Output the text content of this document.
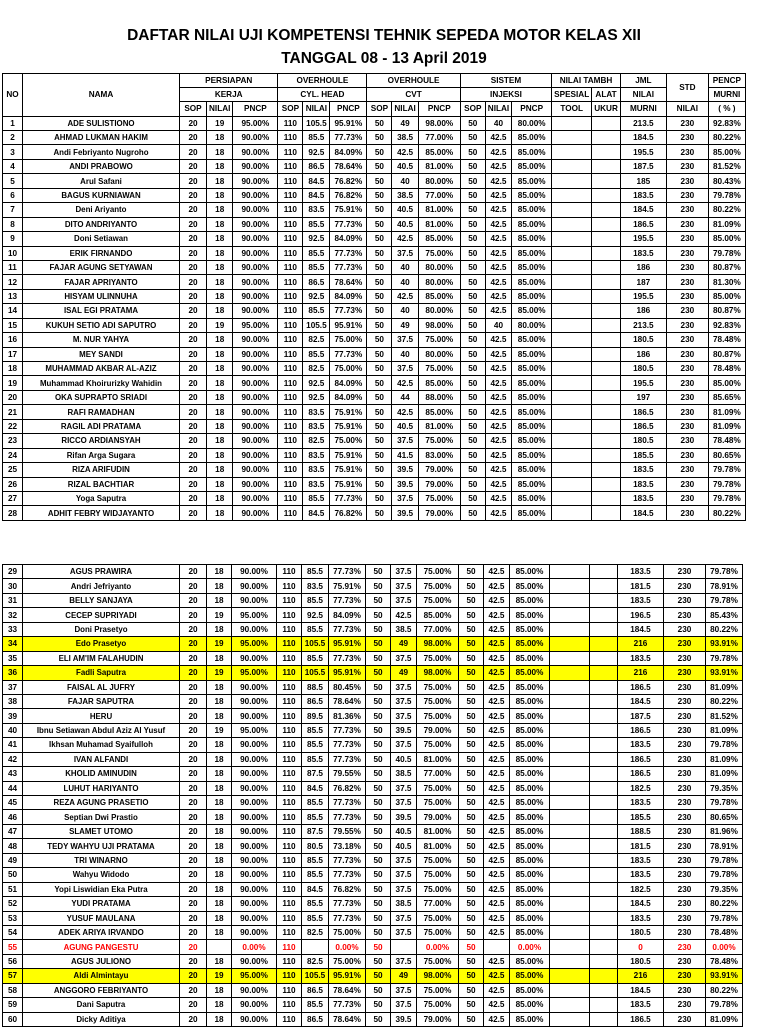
DAFTAR NILAI UJI KOMPETENSI TEHNIK SEPEDA MOTOR KELAS XII
TANGGAL 08 - 13 April 2019
NO	NAMA	PERSIAPAN			OVERHOULE			OVERHOULE			SISTEM			NILAI TAMBH		JML	STD	PENCP
		KERJA			CYL. HEAD			CVT			INJEKSI			SPESIAL	ALAT	NILAI		MURNI
		SOP	NILAI	PNCP	SOP	NILAI	PNCP	SOP	NILAI	PNCP	SOP	NILAI	PNCP	TOOL	UKUR	MURNI	NILAI	( % )
1	ADE SULISTIONO	20	19	95.00%	110	105.5	95.91%	50	49	98.00%	50	40	80.00%			213.5	230	92.83%
2	AHMAD LUKMAN HAKIM	20	18	90.00%	110	85.5	77.73%	50	38.5	77.00%	50	42.5	85.00%			184.5	230	80.22%
3	Andi Febriyanto Nugroho	20	18	90.00%	110	92.5	84.09%	50	42.5	85.00%	50	42.5	85.00%			195.5	230	85.00%
4	ANDI PRABOWO	20	18	90.00%	110	86.5	78.64%	50	40.5	81.00%	50	42.5	85.00%			187.5	230	81.52%
5	Arul Safani	20	18	90.00%	110	84.5	76.82%	50	40	80.00%	50	42.5	85.00%			185	230	80.43%
6	BAGUS KURNIAWAN	20	18	90.00%	110	84.5	76.82%	50	38.5	77.00%	50	42.5	85.00%			183.5	230	79.78%
7	Deni Ariyanto	20	18	90.00%	110	83.5	75.91%	50	40.5	81.00%	50	42.5	85.00%			184.5	230	80.22%
8	DITO ANDRIYANTO	20	18	90.00%	110	85.5	77.73%	50	40.5	81.00%	50	42.5	85.00%			186.5	230	81.09%
9	Doni Setiawan	20	18	90.00%	110	92.5	84.09%	50	42.5	85.00%	50	42.5	85.00%			195.5	230	85.00%
10	ERIK FIRNANDO	20	18	90.00%	110	85.5	77.73%	50	37.5	75.00%	50	42.5	85.00%			183.5	230	79.78%
11	FAJAR AGUNG SETYAWAN	20	18	90.00%	110	85.5	77.73%	50	40	80.00%	50	42.5	85.00%			186	230	80.87%
12	FAJAR APRIYANTO	20	18	90.00%	110	86.5	78.64%	50	40	80.00%	50	42.5	85.00%			187	230	81.30%
13	HISYAM ULINNUHA	20	18	90.00%	110	92.5	84.09%	50	42.5	85.00%	50	42.5	85.00%			195.5	230	85.00%
14	ISAL EGI PRATAMA	20	18	90.00%	110	85.5	77.73%	50	40	80.00%	50	42.5	85.00%			186	230	80.87%
15	KUKUH SETIO ADI SAPUTRO	20	19	95.00%	110	105.5	95.91%	50	49	98.00%	50	40	80.00%			213.5	230	92.83%
16	M. NUR YAHYA	20	18	90.00%	110	82.5	75.00%	50	37.5	75.00%	50	42.5	85.00%			180.5	230	78.48%
17	MEY SANDI	20	18	90.00%	110	85.5	77.73%	50	40	80.00%	50	42.5	85.00%			186	230	80.87%
18	MUHAMMAD AKBAR AL-AZIZ	20	18	90.00%	110	82.5	75.00%	50	37.5	75.00%	50	42.5	85.00%			180.5	230	78.48%
19	Muhammad Khoirurizky Wahidin	20	18	90.00%	110	92.5	84.09%	50	42.5	85.00%	50	42.5	85.00%			195.5	230	85.00%
20	OKA SUPRAPTO SRIADI	20	18	90.00%	110	92.5	84.09%	50	44	88.00%	50	42.5	85.00%			197	230	85.65%
21	RAFI RAMADHAN	20	18	90.00%	110	83.5	75.91%	50	42.5	85.00%	50	42.5	85.00%			186.5	230	81.09%
22	RAGIL ADI PRATAMA	20	18	90.00%	110	83.5	75.91%	50	40.5	81.00%	50	42.5	85.00%			186.5	230	81.09%
23	RICCO ARDIANSYAH	20	18	90.00%	110	82.5	75.00%	50	37.5	75.00%	50	42.5	85.00%			180.5	230	78.48%
24	Rifan Arga Sugara	20	18	90.00%	110	83.5	75.91%	50	41.5	83.00%	50	42.5	85.00%			185.5	230	80.65%
25	RIZA ARIFUDIN	20	18	90.00%	110	83.5	75.91%	50	39.5	79.00%	50	42.5	85.00%			183.5	230	79.78%
26	RIZAL BACHTIAR	20	18	90.00%	110	83.5	75.91%	50	39.5	79.00%	50	42.5	85.00%			183.5	230	79.78%
27	Yoga Saputra	20	18	90.00%	110	85.5	77.73%	50	37.5	75.00%	50	42.5	85.00%			183.5	230	79.78%
28	ADHIT FEBRY WIDJAYANTO	20	18	90.00%	110	84.5	76.82%	50	39.5	79.00%	50	42.5	85.00%			184.5	230	80.22%
29	AGUS PRAWIRA	20	18	90.00%	110	85.5	77.73%	50	37.5	75.00%	50	42.5	85.00%			183.5	230	79.78%
30	Andri Jefriyanto	20	18	90.00%	110	83.5	75.91%	50	37.5	75.00%	50	42.5	85.00%			181.5	230	78.91%
31	BELLY SANJAYA	20	18	90.00%	110	85.5	77.73%	50	37.5	75.00%	50	42.5	85.00%			183.5	230	79.78%
32	CECEP SUPRIYADI	20	19	95.00%	110	92.5	84.09%	50	42.5	85.00%	50	42.5	85.00%			196.5	230	85.43%
33	Doni Prasetyo	20	18	90.00%	110	85.5	77.73%	50	38.5	77.00%	50	42.5	85.00%			184.5	230	80.22%
34	Edo Prasetyo	20	19	95.00%	110	105.5	95.91%	50	49	98.00%	50	42.5	85.00%			216	230	93.91%
35	ELI AM'IM FALAHUDIN	20	18	90.00%	110	85.5	77.73%	50	37.5	75.00%	50	42.5	85.00%			183.5	230	79.78%
36	Fadli Saputra	20	19	95.00%	110	105.5	95.91%	50	49	98.00%	50	42.5	85.00%			216	230	93.91%
37	FAISAL AL JUFRY	20	18	90.00%	110	88.5	80.45%	50	37.5	75.00%	50	42.5	85.00%			186.5	230	81.09%
38	FAJAR SAPUTRA	20	18	90.00%	110	86.5	78.64%	50	37.5	75.00%	50	42.5	85.00%			184.5	230	80.22%
39	HERU	20	18	90.00%	110	89.5	81.36%	50	37.5	75.00%	50	42.5	85.00%			187.5	230	81.52%
40	Ibnu Setiawan Abdul Aziz Al Yusuf	20	19	95.00%	110	85.5	77.73%	50	39.5	79.00%	50	42.5	85.00%			186.5	230	81.09%
41	Ikhsan Muhamad Syaifulloh	20	18	90.00%	110	85.5	77.73%	50	37.5	75.00%	50	42.5	85.00%			183.5	230	79.78%
42	IVAN ALFANDI	20	18	90.00%	110	85.5	77.73%	50	40.5	81.00%	50	42.5	85.00%			186.5	230	81.09%
43	KHOLID AMINUDIN	20	18	90.00%	110	87.5	79.55%	50	38.5	77.00%	50	42.5	85.00%			186.5	230	81.09%
44	LUHUT HARIYANTO	20	18	90.00%	110	84.5	76.82%	50	37.5	75.00%	50	42.5	85.00%			182.5	230	79.35%
45	REZA AGUNG PRASETIO	20	18	90.00%	110	85.5	77.73%	50	37.5	75.00%	50	42.5	85.00%			183.5	230	79.78%
46	Septian Dwi Prastio	20	18	90.00%	110	85.5	77.73%	50	39.5	79.00%	50	42.5	85.00%			185.5	230	80.65%
47	SLAMET UTOMO	20	18	90.00%	110	87.5	79.55%	50	40.5	81.00%	50	42.5	85.00%			188.5	230	81.96%
48	TEDY WAHYU UJI PRATAMA	20	18	90.00%	110	80.5	73.18%	50	40.5	81.00%	50	42.5	85.00%			181.5	230	78.91%
49	TRI WINARNO	20	18	90.00%	110	85.5	77.73%	50	37.5	75.00%	50	42.5	85.00%			183.5	230	79.78%
50	Wahyu Widodo	20	18	90.00%	110	85.5	77.73%	50	37.5	75.00%	50	42.5	85.00%			183.5	230	79.78%
51	Yopi Liswidian Eka Putra	20	18	90.00%	110	84.5	76.82%	50	37.5	75.00%	50	42.5	85.00%			182.5	230	79.35%
52	YUDI PRATAMA	20	18	90.00%	110	85.5	77.73%	50	38.5	77.00%	50	42.5	85.00%			184.5	230	80.22%
53	YUSUF MAULANA	20	18	90.00%	110	85.5	77.73%	50	37.5	75.00%	50	42.5	85.00%			183.5	230	79.78%
54	ADEK ARIYA IRVANDO	20	18	90.00%	110	82.5	75.00%	50	37.5	75.00%	50	42.5	85.00%			180.5	230	78.48%
55	AGUNG PANGESTU	20		0.00%	110		0.00%	50		0.00%	50		0.00%			0	230	0.00%
56	AGUS JULIONO	20	18	90.00%	110	82.5	75.00%	50	37.5	75.00%	50	42.5	85.00%			180.5	230	78.48%
57	Aldi Almintayu	20	19	95.00%	110	105.5	95.91%	50	49	98.00%	50	42.5	85.00%			216	230	93.91%
58	ANGGORO FEBRIYANTO	20	18	90.00%	110	86.5	78.64%	50	37.5	75.00%	50	42.5	85.00%			184.5	230	80.22%
59	Dani Saputra	20	18	90.00%	110	85.5	77.73%	50	37.5	75.00%	50	42.5	85.00%			183.5	230	79.78%
60	Dicky Aditiya	20	18	90.00%	110	86.5	78.64%	50	39.5	79.00%	50	42.5	85.00%			186.5	230	81.09%
